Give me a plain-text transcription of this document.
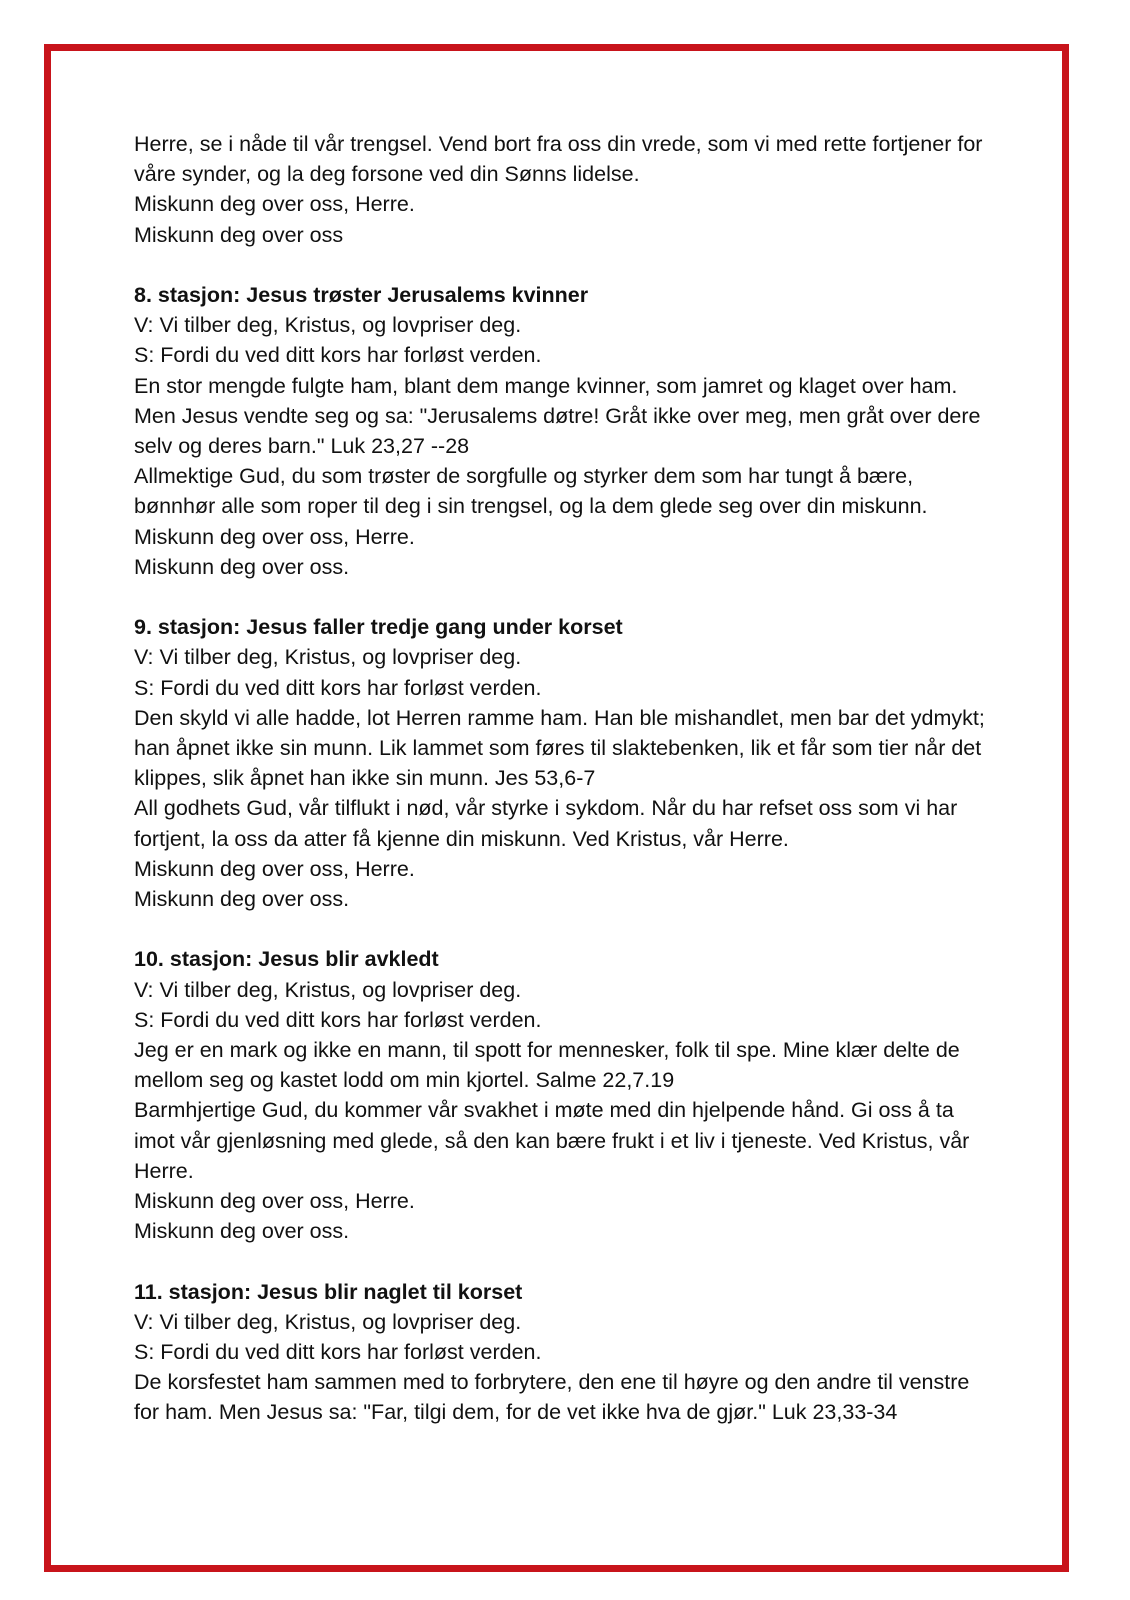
Herre, se i nåde til vår trengsel. Vend bort fra oss din vrede, som vi med rette fortjener for våre synder, og la deg forsone ved din Sønns lidelse.

Miskunn deg over oss, Herre.

Miskunn deg over oss

8. stasjon: Jesus trøster Jerusalems kvinner

V: Vi tilber deg, Kristus, og lovpriser deg.

S: Fordi du ved ditt kors har forløst verden.

En stor mengde fulgte ham, blant dem mange kvinner, som jamret og klaget over ham. Men Jesus vendte seg og sa: "Jerusalems døtre! Gråt ikke over meg, men gråt over dere selv og deres barn." Luk 23,27 --28

Allmektige Gud, du som trøster de sorgfulle og styrker dem som har tungt å bære, bønnhør alle som roper til deg i sin trengsel, og la dem glede seg over din miskunn.

Miskunn deg over oss, Herre.

Miskunn deg over oss.

9. stasjon: Jesus faller tredje gang under korset

V: Vi tilber deg, Kristus, og lovpriser deg.

S: Fordi du ved ditt kors har forløst verden.

Den skyld vi alle hadde, lot Herren ramme ham. Han ble mishandlet, men bar det ydmykt; han åpnet ikke sin munn. Lik lammet som føres til slaktebenken, lik et får som tier når det klippes, slik åpnet han ikke sin munn. Jes 53,6-7

All godhets Gud, vår tilflukt i nød, vår styrke i sykdom. Når du har refset oss som vi har fortjent, la oss da atter få kjenne din miskunn. Ved Kristus, vår Herre.

Miskunn deg over oss, Herre.

Miskunn deg over oss.

10. stasjon: Jesus blir avkledt

V: Vi tilber deg, Kristus, og lovpriser deg.

S: Fordi du ved ditt kors har forløst verden.

Jeg er en mark og ikke en mann, til spott for mennesker, folk til spe. Mine klær delte de mellom seg og kastet lodd om min kjortel. Salme 22,7.19

Barmhjertige Gud, du kommer vår svakhet i møte med din hjelpende hånd. Gi oss å ta imot vår gjenløsning med glede, så den kan bære frukt i et liv i tjeneste. Ved Kristus, vår Herre.

Miskunn deg over oss, Herre.

Miskunn deg over oss.

11. stasjon: Jesus blir naglet til korset

V: Vi tilber deg, Kristus, og lovpriser deg.

S: Fordi du ved ditt kors har forløst verden.

De korsfestet ham sammen med to forbrytere, den ene til høyre og den andre til venstre for ham. Men Jesus sa: "Far, tilgi dem, for de vet ikke hva de gjør." Luk 23,33-34
